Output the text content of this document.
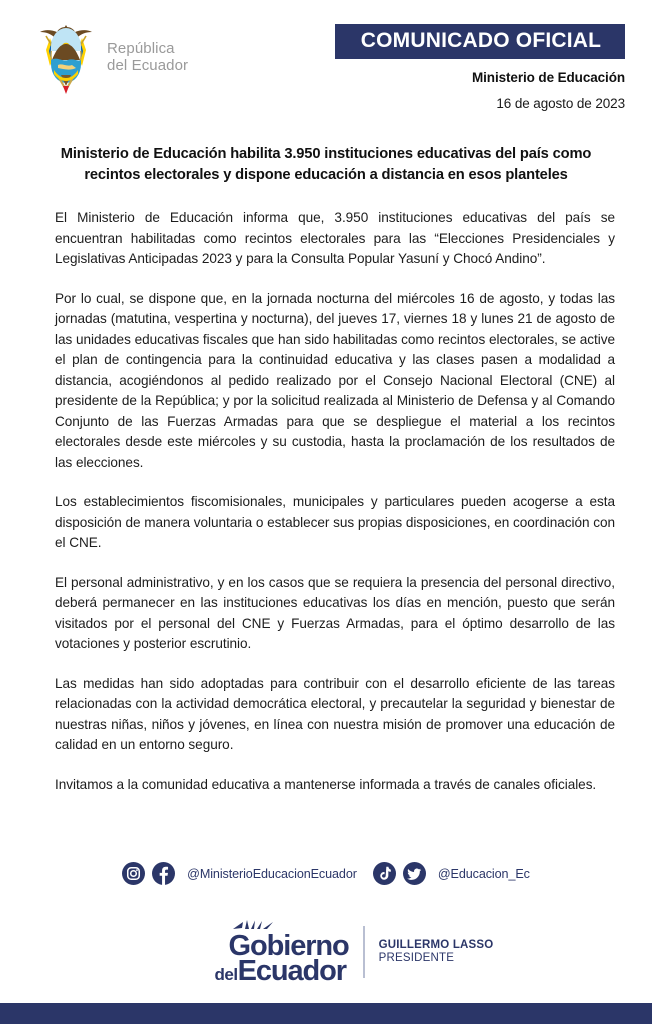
República
del Ecuador
COMUNICADO OFICIAL
Ministerio de Educación
16 de agosto de 2023
Ministerio de Educación habilita 3.950 instituciones educativas del país como recintos electorales y dispone educación a distancia en esos planteles

El Ministerio de Educación informa que, 3.950 instituciones educativas del país se encuentran habilitadas como recintos electorales para las “Elecciones Presidenciales y Legislativas Anticipadas 2023 y para la Consulta Popular Yasuní y Chocó Andino”.

Por lo cual, se dispone que, en la jornada nocturna del miércoles 16 de agosto, y todas las jornadas (matutina, vespertina y nocturna), del jueves 17, viernes 18 y lunes 21 de agosto de las unidades educativas fiscales que han sido habilitadas como recintos electorales, se active el plan de contingencia para la continuidad educativa y las clases pasen a modalidad a distancia, acogiéndonos al pedido realizado por el Consejo Nacional Electoral (CNE) al presidente de la República; y por la solicitud realizada al Ministerio de Defensa y al Comando Conjunto de las Fuerzas Armadas para que se despliegue el material a los recintos electorales desde este miércoles y su custodia, hasta la proclamación de los resultados de las elecciones.

Los establecimientos fiscomisionales, municipales y particulares pueden acogerse a esta disposición de manera voluntaria o establecer sus propias disposiciones, en coordinación con el CNE.

El personal administrativo, y en los casos que se requiera la presencia del personal directivo, deberá permanecer en las instituciones educativas los días en mención, puesto que serán visitados por el personal del CNE y Fuerzas Armadas, para el óptimo desarrollo de las votaciones y posterior escrutinio.

Las medidas han sido adoptadas para contribuir con el desarrollo eficiente de las tareas relacionadas con la actividad democrática electoral, y precautelar la seguridad y bienestar de nuestras niñas, niños y jóvenes, en línea con nuestra misión de promover una educación de calidad en un entorno seguro.

Invitamos a la comunidad educativa a mantenerse informada a través de canales oficiales.

@MinisterioEducacionEcuador	@Educacion_Ec
Gobierno
delEcuador
GUILLERMO LASSO
PRESIDENTE
